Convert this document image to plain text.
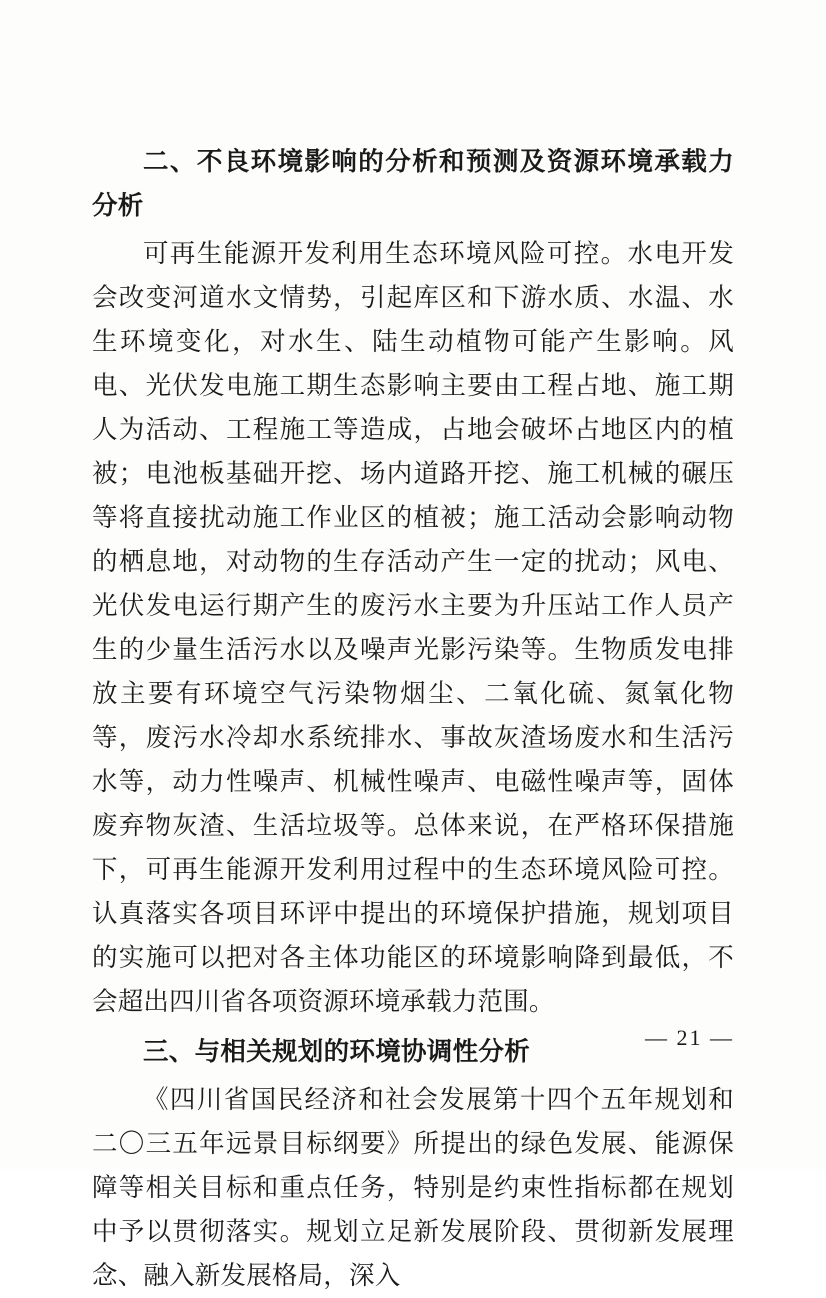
二、不良环境影响的分析和预测及资源环境承载力分析

可再生能源开发利用生态环境风险可控。水电开发会改变河道水文情势，引起库区和下游水质、水温、水生环境变化，对水生、陆生动植物可能产生影响。风电、光伏发电施工期生态影响主要由工程占地、施工期人为活动、工程施工等造成，占地会破坏占地区内的植被；电池板基础开挖、场内道路开挖、施工机械的碾压等将直接扰动施工作业区的植被；施工活动会影响动物的栖息地，对动物的生存活动产生一定的扰动；风电、光伏发电运行期产生的废污水主要为升压站工作人员产生的少量生活污水以及噪声光影污染等。生物质发电排放主要有环境空气污染物烟尘、二氧化硫、氮氧化物等，废污水冷却水系统排水、事故灰渣场废水和生活污水等，动力性噪声、机械性噪声、电磁性噪声等，固体废弃物灰渣、生活垃圾等。总体来说，在严格环保措施下，可再生能源开发利用过程中的生态环境风险可控。认真落实各项目环评中提出的环境保护措施，规划项目的实施可以把对各主体功能区的环境影响降到最低，不会超出四川省各项资源环境承载力范围。

三、与相关规划的环境协调性分析

《四川省国民经济和社会发展第十四个五年规划和二〇三五年远景目标纲要》所提出的绿色发展、能源保障等相关目标和重点任务，特别是约束性指标都在规划中予以贯彻落实。规划立足新发展阶段、贯彻新发展理念、融入新发展格局，深入

— 21 —
